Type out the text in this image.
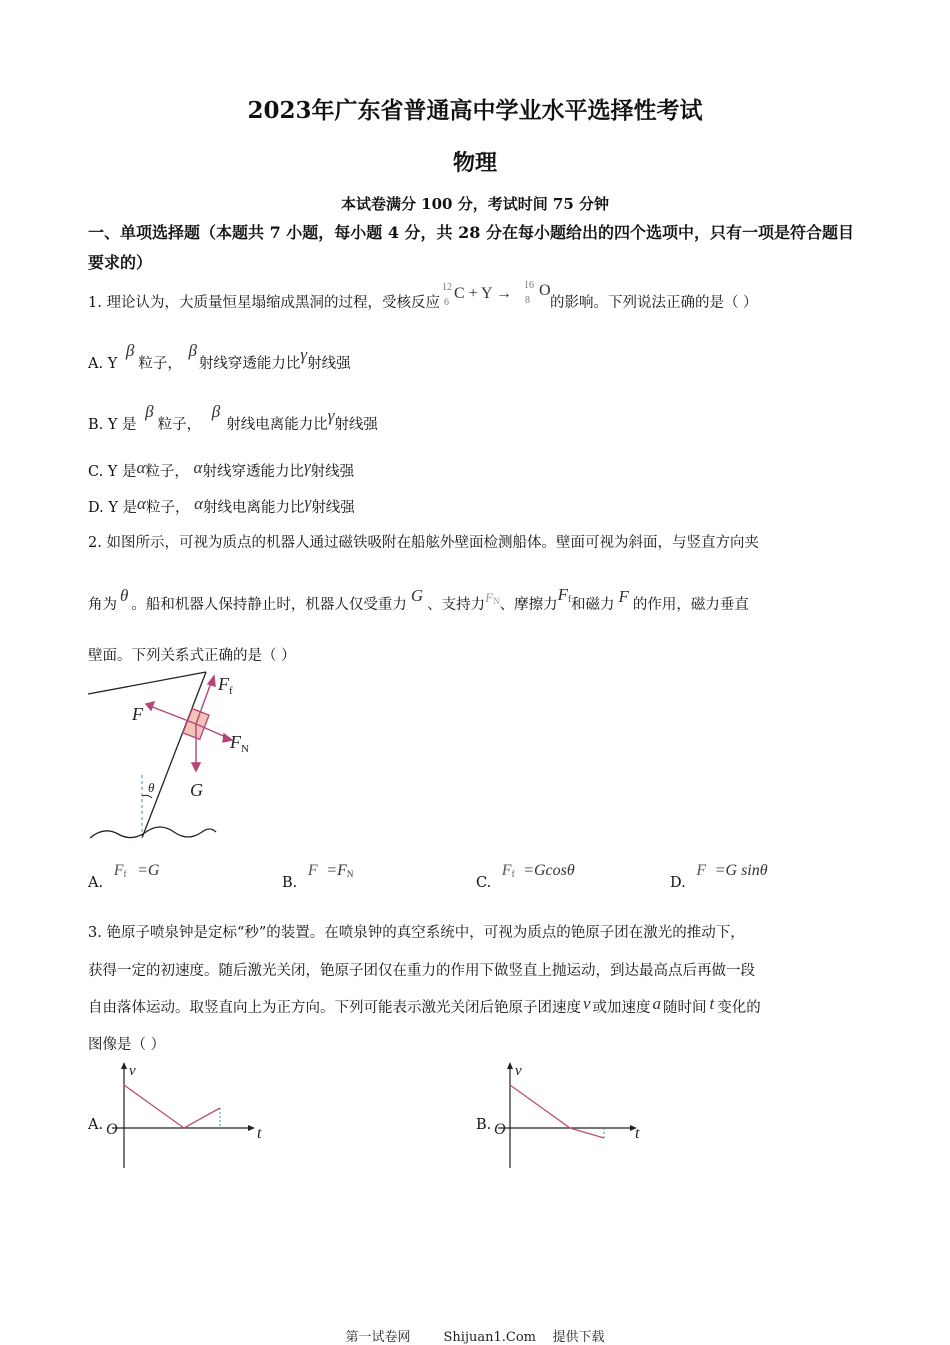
2023年广东省普通高中学业水平选择性考试
物理
本试卷满分 100 分，考试时间 75 分钟
一、单项选择题（本题共 7 小题，每小题 4 分，共 28 分在每小题给出的四个选项中，只有一项是符合题目要求的）
1. 理论认为，大质量恒星塌缩成黑洞的过程，受核反应
12
6
C + Y → 16
8
O
的影响。下列说法正确的是（ ）
A. Y β粒子， β射线穿透能力比γ射线强
B. Y 是 β粒子， β射线电离能力比γ射线强
C. Y 是α粒子， α射线穿透能力比γ射线强
D. Y 是α粒子， α射线电离能力比γ射线强
2. 如图所示，可视为质点的机器人通过磁铁吸附在船舷外壁面检测船体。壁面可视为斜面，与竖直方向夹
角为 θ 。船和机器人保持静止时，机器人仅受重力 G 、支持力$F_N$、摩擦力$F_f$和磁力 F 的作用，磁力垂直
壁面。下列关系式正确的是（ ）
$F_f$
F
$F_N$
G
θ
A. $F_f =G$
B. $F =F_N$
C. $F_f =Gcos\theta$
D. F =G sinθ
3. 铯原子喷泉钟是定标“秒”的装置。在喷泉钟的真空系统中，可视为质点的铯原子团在激光的推动下，
获得一定的初速度。随后激光关闭，铯原子团仅在重力的作用下做竖直上抛运动，到达最高点后再做一段
自由落体运动。取竖直向上为正方向。下列可能表示激光关闭后铯原子团速度 v 或加速度 a 随时间 t 变化的
图像是（ ）
A.
v
t
O	B.
v
t
O
第一试卷网        Shijuan1.Com    提供下载
